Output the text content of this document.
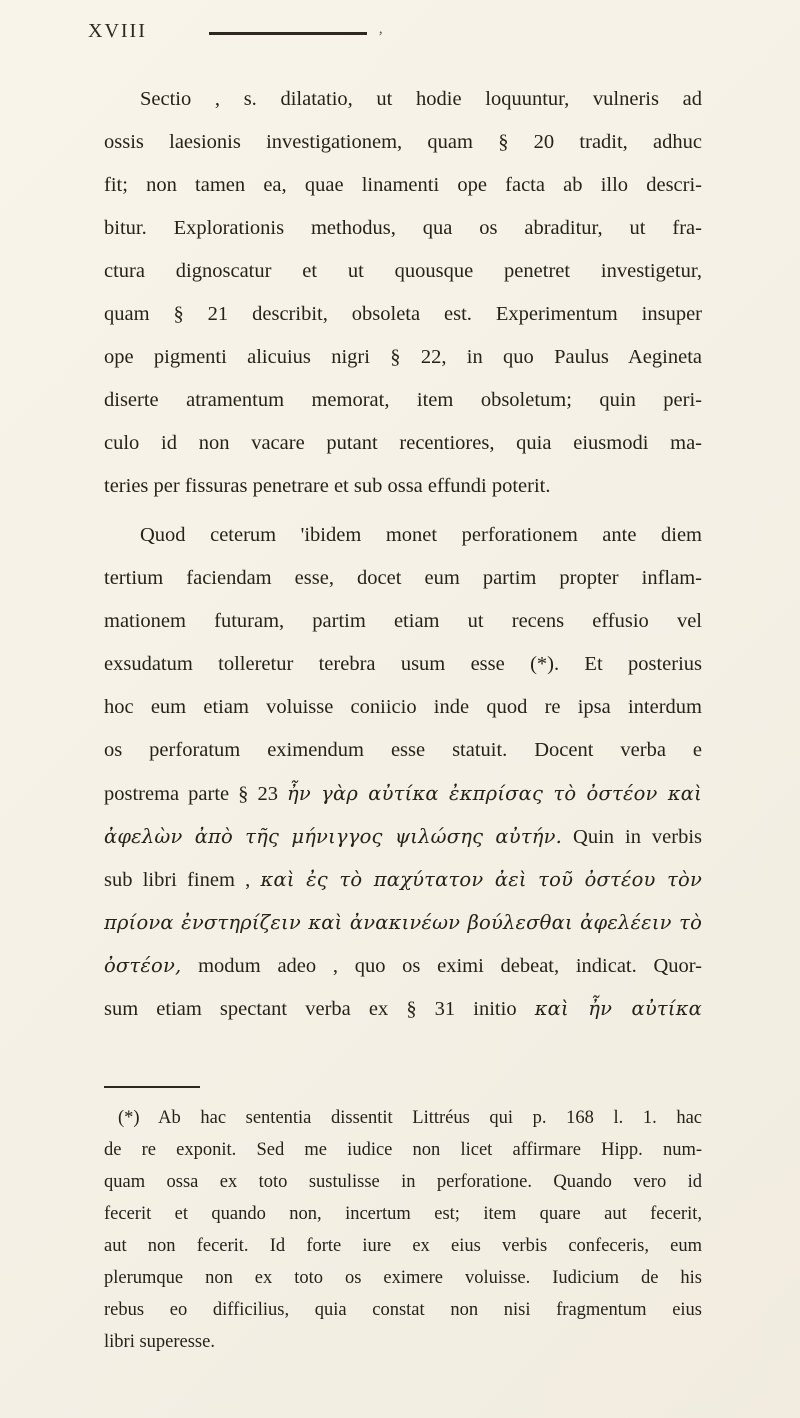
XVIII	,
Sectio , s. dilatatio, ut hodie loquuntur, vulneris ad
ossis laesionis investigationem, quam § 20 tradit, adhuc
fit; non tamen ea, quae linamenti ope facta ab illo descri-
bitur. Explorationis methodus, qua os abraditur, ut fra-
ctura dignoscatur et ut quousque penetret investigetur,
quam § 21 describit, obsoleta est. Experimentum insuper
ope pigmenti alicuius nigri § 22, in quo Paulus Aegineta
diserte atramentum memorat, item obsoletum; quin peri-
culo id non vacare putant recentiores, quia eiusmodi ma-
teries per fissuras penetrare et sub ossa effundi poterit.
Quod ceterum 'ibidem monet perforationem ante diem
tertium faciendam esse, docet eum partim propter inflam-
mationem futuram, partim etiam ut recens effusio vel
exsudatum tolleretur terebra usum esse (*). Et posterius
hoc eum etiam voluisse coniicio inde quod re ipsa interdum
os perforatum eximendum esse statuit. Docent verba e
postrema parte § 23 ἦν γὰρ αὐτίκα ἐκπρίσας τὸ ὀστέον καὶ
ἀφελὼν ἀπὸ τῆς μήνιγγος ψιλώσης αὐτήν. Quin in verbis
sub libri finem , καὶ ἐς τὸ παχύτατον ἀεὶ τοῦ ὀστέου τὸν
πρίονα ἐνστηρίζειν καὶ ἀνακινέων βούλεσθαι ἀφελέειν τὸ
ὀστέον, modum adeo , quo os eximi debeat, indicat. Quor-
sum etiam spectant verba ex § 31 initio καὶ ἦν αὐτίκα
(*) Ab hac sententia dissentit Littréus qui p. 168 l. 1. hac
de re exponit. Sed me iudice non licet affirmare Hipp. num-
quam ossa ex toto sustulisse in perforatione. Quando vero id
fecerit et quando non, incertum est; item quare aut fecerit,
aut non fecerit. Id forte iure ex eius verbis confeceris, eum
plerumque non ex toto os eximere voluisse. Iudicium de his
rebus eo difficilius, quia constat non nisi fragmentum eius
libri superesse.
